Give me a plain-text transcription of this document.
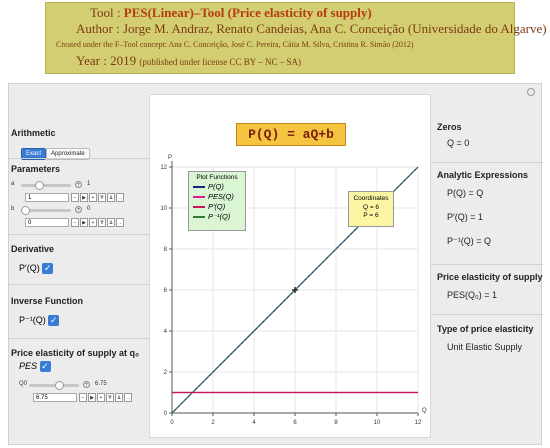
Tool : PES(Linear)–Tool (Price elasticity of supply)
Author : Jorge M. Andraz, Renato Candeias, Ana C. Conceição (Universidade do Algarve)
Created under the F–Tool concept: Ana C. Conceição, José C. Pereira, Cátia M. Silva, Cristina R. Simão (2012)
Year : 2019 (published under license CC BY – NC – SA)
Arithmetic
Exact Approximate
Parameters
a	+ 1
1	−	▶	+	⇈ ⇊ →
b	+ 0
0	−	▶	+	⇈ ⇊ →
Derivative
P′(Q) ✓
Inverse Function
P⁻¹(Q) ✓
Price elasticity of supply at q₀
PES ✓
Q0	+ 6.75
6.75	−	▶	+	⇈ ⇊ →
P(Q) = aQ+b
0	2	4	6	8	10	12
0
2
4
6
8
10
12
Q
P
Plot Functions
P(Q)
PES(Q)
P′(Q)
P⁻¹(Q)
Coordinates
Q = 6
P = 6
Zeros
Q = 0
Analytic Expressions
P(Q) = Q
P′(Q) = 1
P⁻¹(Q) = Q
Price elasticity of supply
PES(Q₀) = 1
Type of price elasticity
Unit Elastic Supply
